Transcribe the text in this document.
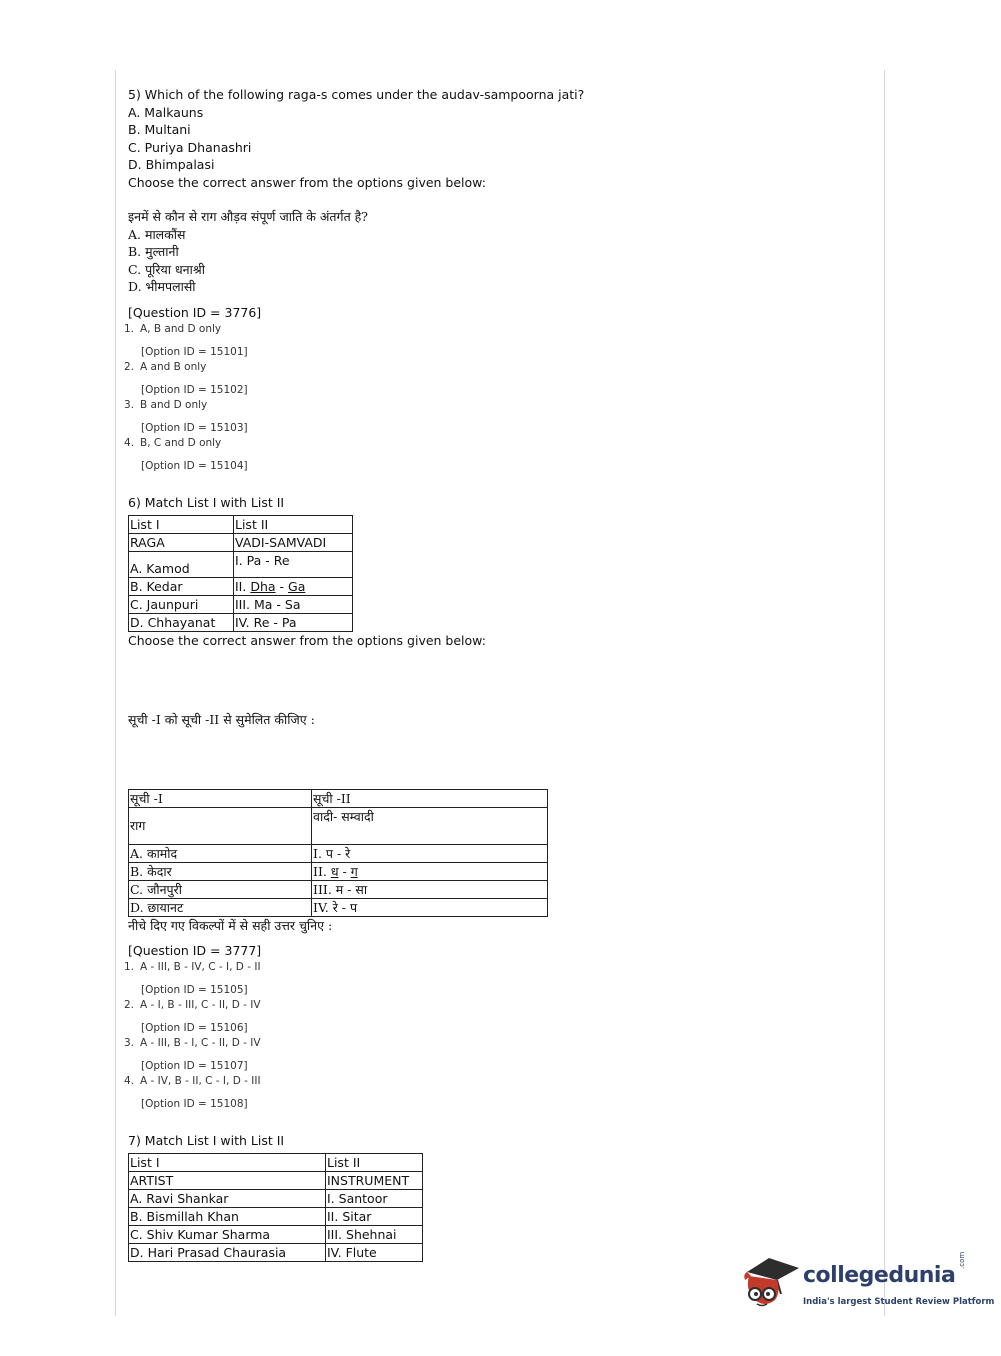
5) Which of the following raga-s comes under the audav-sampoorna jati?
A. Malkauns
B. Multani
C. Puriya Dhanashri
D. Bhimpalasi
Choose the correct answer from the options given below:
इनमें से कौन से राग औड़व संपूर्ण जाति के अंतर्गत है?
A. मालकौंस
B. मुल्तानी
C. पूरिया धनाश्री
D. भीमपलासी
[Question ID = 3776]
1. A, B and D only
[Option ID = 15101]
2. A and B only
[Option ID = 15102]
3. B and D only
[Option ID = 15103]
4. B, C and D only
[Option ID = 15104]
6) Match List I with List II
List I	List II
RAGA	VADI-SAMVADI
A. Kamod	I. Pa - Re
B. Kedar	II. Dha - Ga
C. Jaunpuri	III. Ma - Sa
D. Chhayanat	IV. Re - Pa
Choose the correct answer from the options given below:
सूची -I को सूची -II से सुमेलित कीजिए :
सूची -I	सूची -II
राग	वादी- सम्वादी
A. कामोद	I. प - रे
B. केदार	II. ध - ग
C. जौनपुरी	III. म - सा
D. छायानट	IV. रे - प
नीचे दिए गए विकल्पों में से सही उत्तर चुनिए :
[Question ID = 3777]
1. A - III, B - IV, C - I, D - II
[Option ID = 15105]
2. A - I, B - III, C - II, D - IV
[Option ID = 15106]
3. A - III, B - I, C - II, D - IV
[Option ID = 15107]
4. A - IV, B - II, C - I, D - III
[Option ID = 15108]
7) Match List I with List II
List I	List II
ARTIST	INSTRUMENT
A. Ravi Shankar	I. Santoor
B. Bismillah Khan	II. Sitar
C. Shiv Kumar Sharma	III. Shehnai
D. Hari Prasad Chaurasia	IV. Flute
collegedunia
.com
India's largest Student Review Platform
